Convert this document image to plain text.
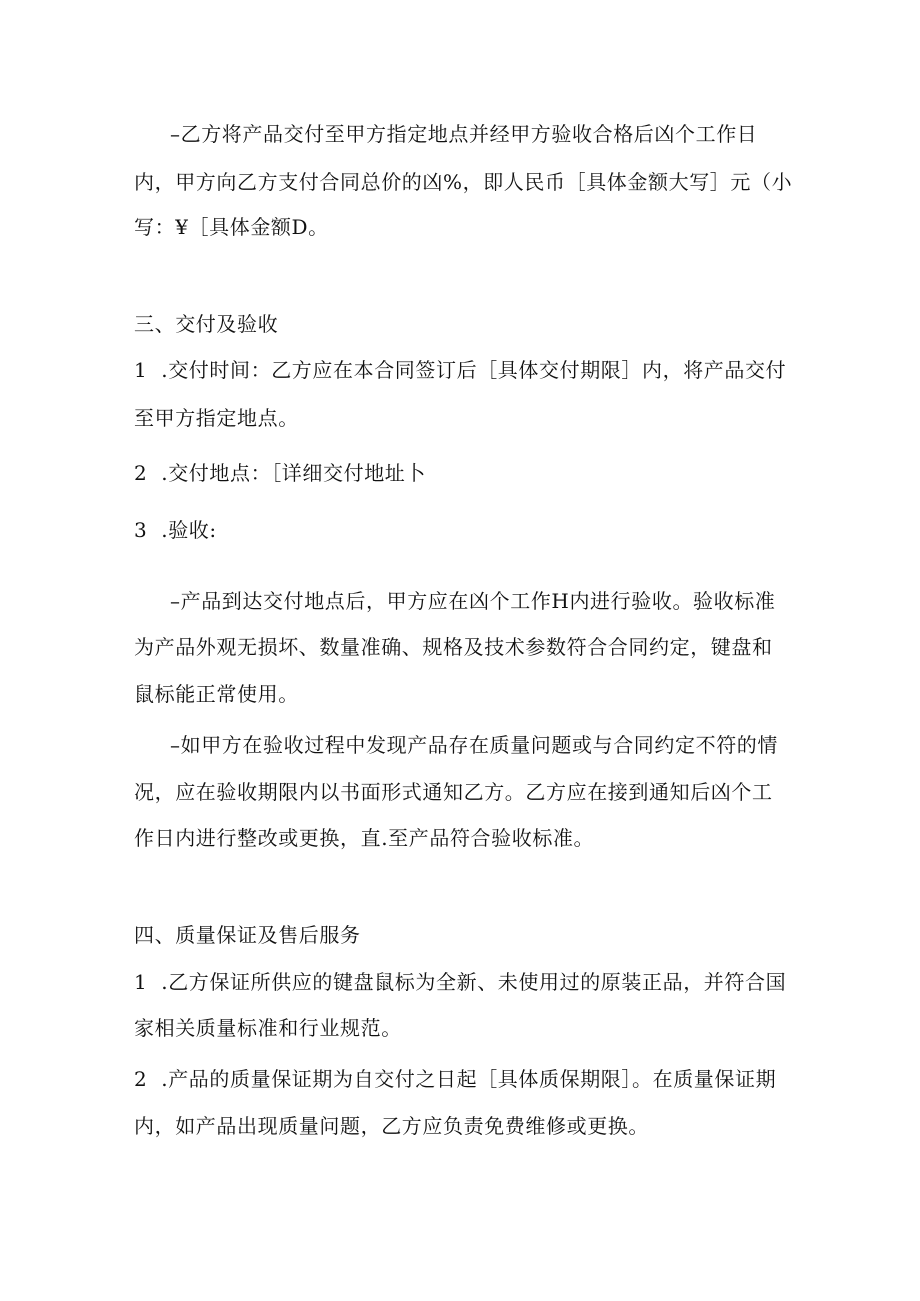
–乙方将产品交付至甲方指定地点并经甲方验收合格后凶个工作日
内，甲方向乙方支付合同总价的凶%，即人民币［具体金额大写］元（小
写：¥［具体金额D。
三、交付及验收
1  .交付时间：乙方应在本合同签订后［具体交付期限］内，将产品交付
至甲方指定地点。
2  .交付地点：［详细交付地址卜
3  .验收:
–产品到达交付地点后，甲方应在凶个工作H内进行验收。验收标准
为产品外观无损坏、数量准确、规格及技术参数符合合同约定，键盘和
鼠标能正常使用。
–如甲方在验收过程中发现产品存在质量问题或与合同约定不符的情
况，应在验收期限内以书面形式通知乙方。乙方应在接到通知后凶个工
作日内进行整改或更换，直.至产品符合验收标准。
四、质量保证及售后服务
1  .乙方保证所供应的键盘鼠标为全新、未使用过的原装正品，并符合国
家相关质量标准和行业规范。
2  .产品的质量保证期为自交付之日起［具体质保期限］。在质量保证期
内，如产品出现质量问题，乙方应负责免费维修或更换。
